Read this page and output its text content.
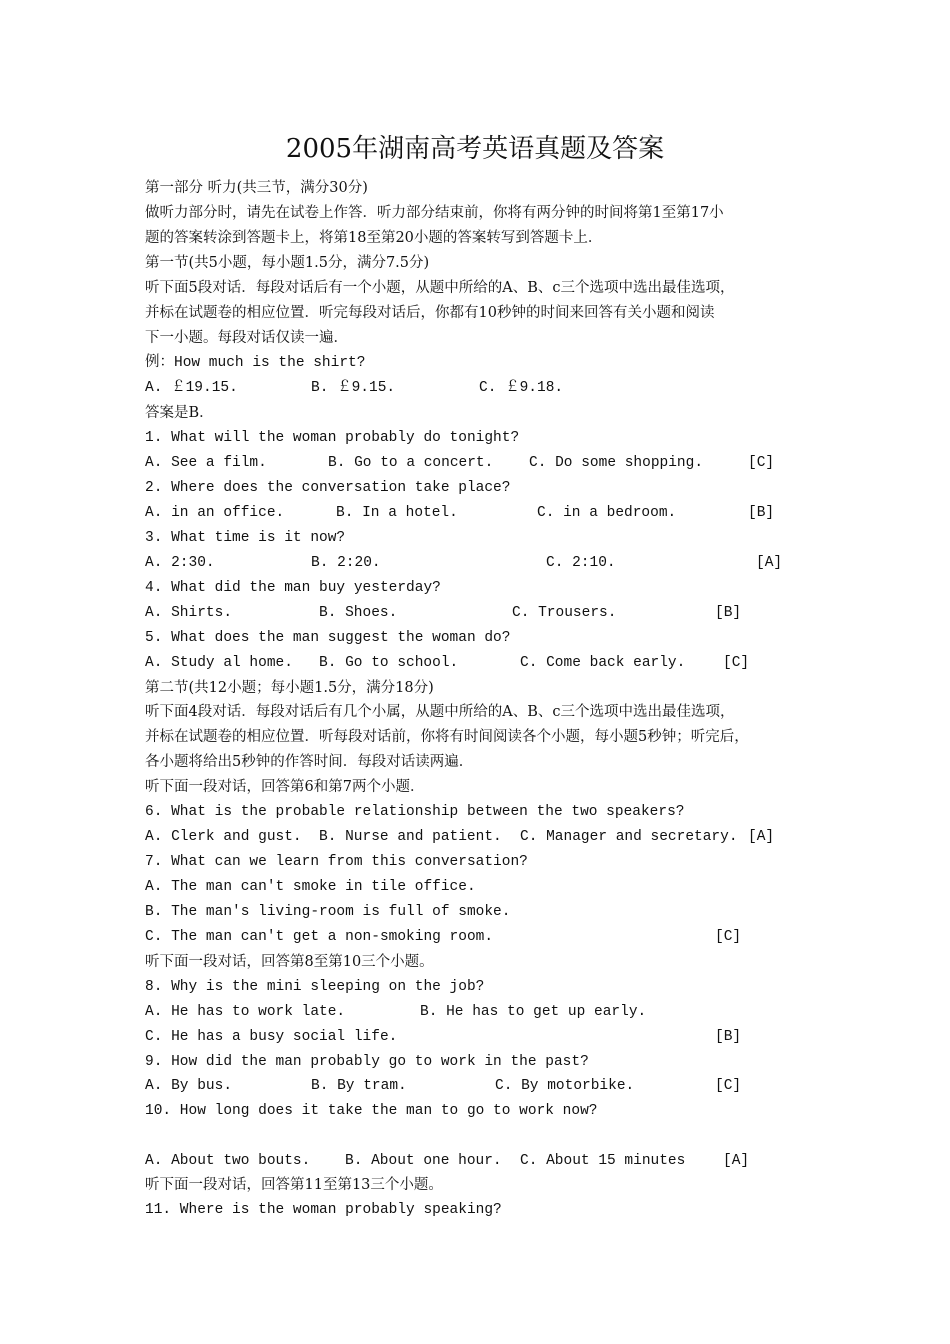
2005年湖南高考英语真题及答案
第一部分 听力(共三节，满分30分)
做听力部分时，请先在试卷上作答．听力部分结束前，你将有两分钟的时间将第1至第17小
题的答案转涂到答题卡上，将第18至第20小题的答案转写到答题卡上．
第一节(共5小题，每小题1.5分，满分7.5分)
听下面5段对话．每段对话后有一个小题，从题中所给的A、B、c三个选项中选出最佳选项，
并标在试题卷的相应位置．听完每段对话后，你都有10秒钟的时间来回答有关小题和阅读
下一小题。每段对话仅读一遍．
例：How much is the shirt?
A. ￡19.15.	B. ￡9.15.	C. ￡9.18.
答案是B．
1. What will the woman probably do tonight?
A. See a film.	B. Go to a concert. C. Do some shopping.	[C]
2. Where does the conversation take place?
A. in an office.	B. In a hotel.	C. in a bedroom.	[B]
3. What time is it now?
A. 2:30.	B. 2:20.	C. 2:10.	[A]
4. What did the man buy yesterday?
A. Shirts.	B. Shoes.	C. Trousers.	[B]
5. What does the man suggest the woman do?
A. Study al home. B. Go to school.	C. Come back early.	[C]
第二节(共12小题；每小题1.5分，满分18分)
听下面4段对话．每段对话后有几个小属，从题中所给的A、B、c三个选项中选出最佳选项，
并标在试题卷的相应位置．听每段对话前，你将有时间阅读各个小题，每小题5秒钟；听完后，
各小题将给出5秒钟的作答时间．每段对话读两遍．
听下面一段对话，回答第6和第7两个小题．
6. What is the probable relationship between the two speakers?
A. Clerk and gust. B. Nurse and patient. C. Manager and secretary. [A]
7. What can we learn from this conversation?
A. The man can't smoke in tile office.
B. The man's living-room is full of smoke.
C. The man can't get a non-smoking room.	[C]
听下面一段对话，回答第8至第10三个小题。
8. Why is the mini sleeping on the job?
A. He has to work late.	B. He has to get up early.
C. He has a busy social life.	[B]
9. How did the man probably go to work in the past?
A. By bus.	B. By tram.	C. By motorbike.	[C]
10. How long does it take the man to go to work now?
A. About two bouts. B. About one hour. C. About 15 minutes	[A]
听下面一段对话，回答第11至第13三个小题。
11. Where is the woman probably speaking?
